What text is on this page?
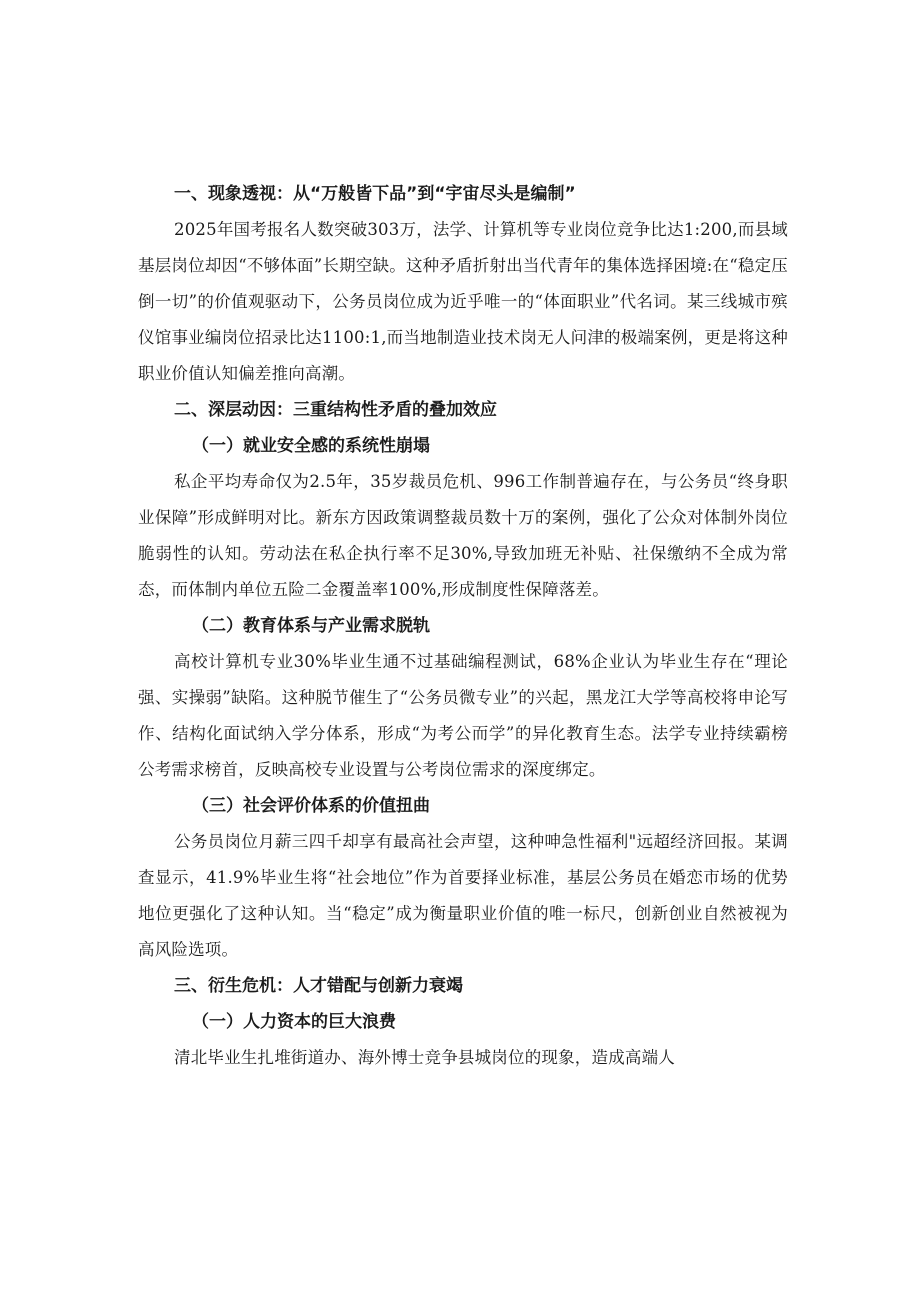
一、现象透视：从“万般皆下品”到“宇宙尽头是编制”

2025年国考报名人数突破303万，法学、计算机等专业岗位竞争比达1:200,而县域基层岗位却因“不够体面”长期空缺。这种矛盾折射出当代青年的集体选择困境:在“稳定压倒一切”的价值观驱动下，公务员岗位成为近乎唯一的“体面职业”代名词。某三线城市殡仪馆事业编岗位招录比达1100:1,而当地制造业技术岗无人问津的极端案例，更是将这种职业价值认知偏差推向高潮。

二、深层动因：三重结构性矛盾的叠加效应

（一）就业安全感的系统性崩塌

私企平均寿命仅为2.5年，35岁裁员危机、996工作制普遍存在，与公务员“终身职业保障”形成鲜明对比。新东方因政策调整裁员数十万的案例，强化了公众对体制外岗位脆弱性的认知。劳动法在私企执行率不足30%,导致加班无补贴、社保缴纳不全成为常态，而体制内单位五险二金覆盖率100%,形成制度性保障落差。

（二）教育体系与产业需求脱轨

高校计算机专业30%毕业生通不过基础编程测试，68%企业认为毕业生存在“理论强、实操弱”缺陷。这种脱节催生了“公务员微专业”的兴起，黑龙江大学等高校将申论写作、结构化面试纳入学分体系，形成“为考公而学”的异化教育生态。法学专业持续霸榜公考需求榜首，反映高校专业设置与公考岗位需求的深度绑定。

（三）社会评价体系的价值扭曲

公务员岗位月薪三四千却享有最高社会声望，这种呻急性福利"远超经济回报。某调查显示，41.9%毕业生将“社会地位”作为首要择业标准，基层公务员在婚恋市场的优势地位更强化了这种认知。当“稳定”成为衡量职业价值的唯一标尺，创新创业自然被视为高风险选项。

三、衍生危机：人才错配与创新力衰竭

（一）人力资本的巨大浪费

清北毕业生扎堆街道办、海外博士竞争县城岗位的现象，造成高端人
